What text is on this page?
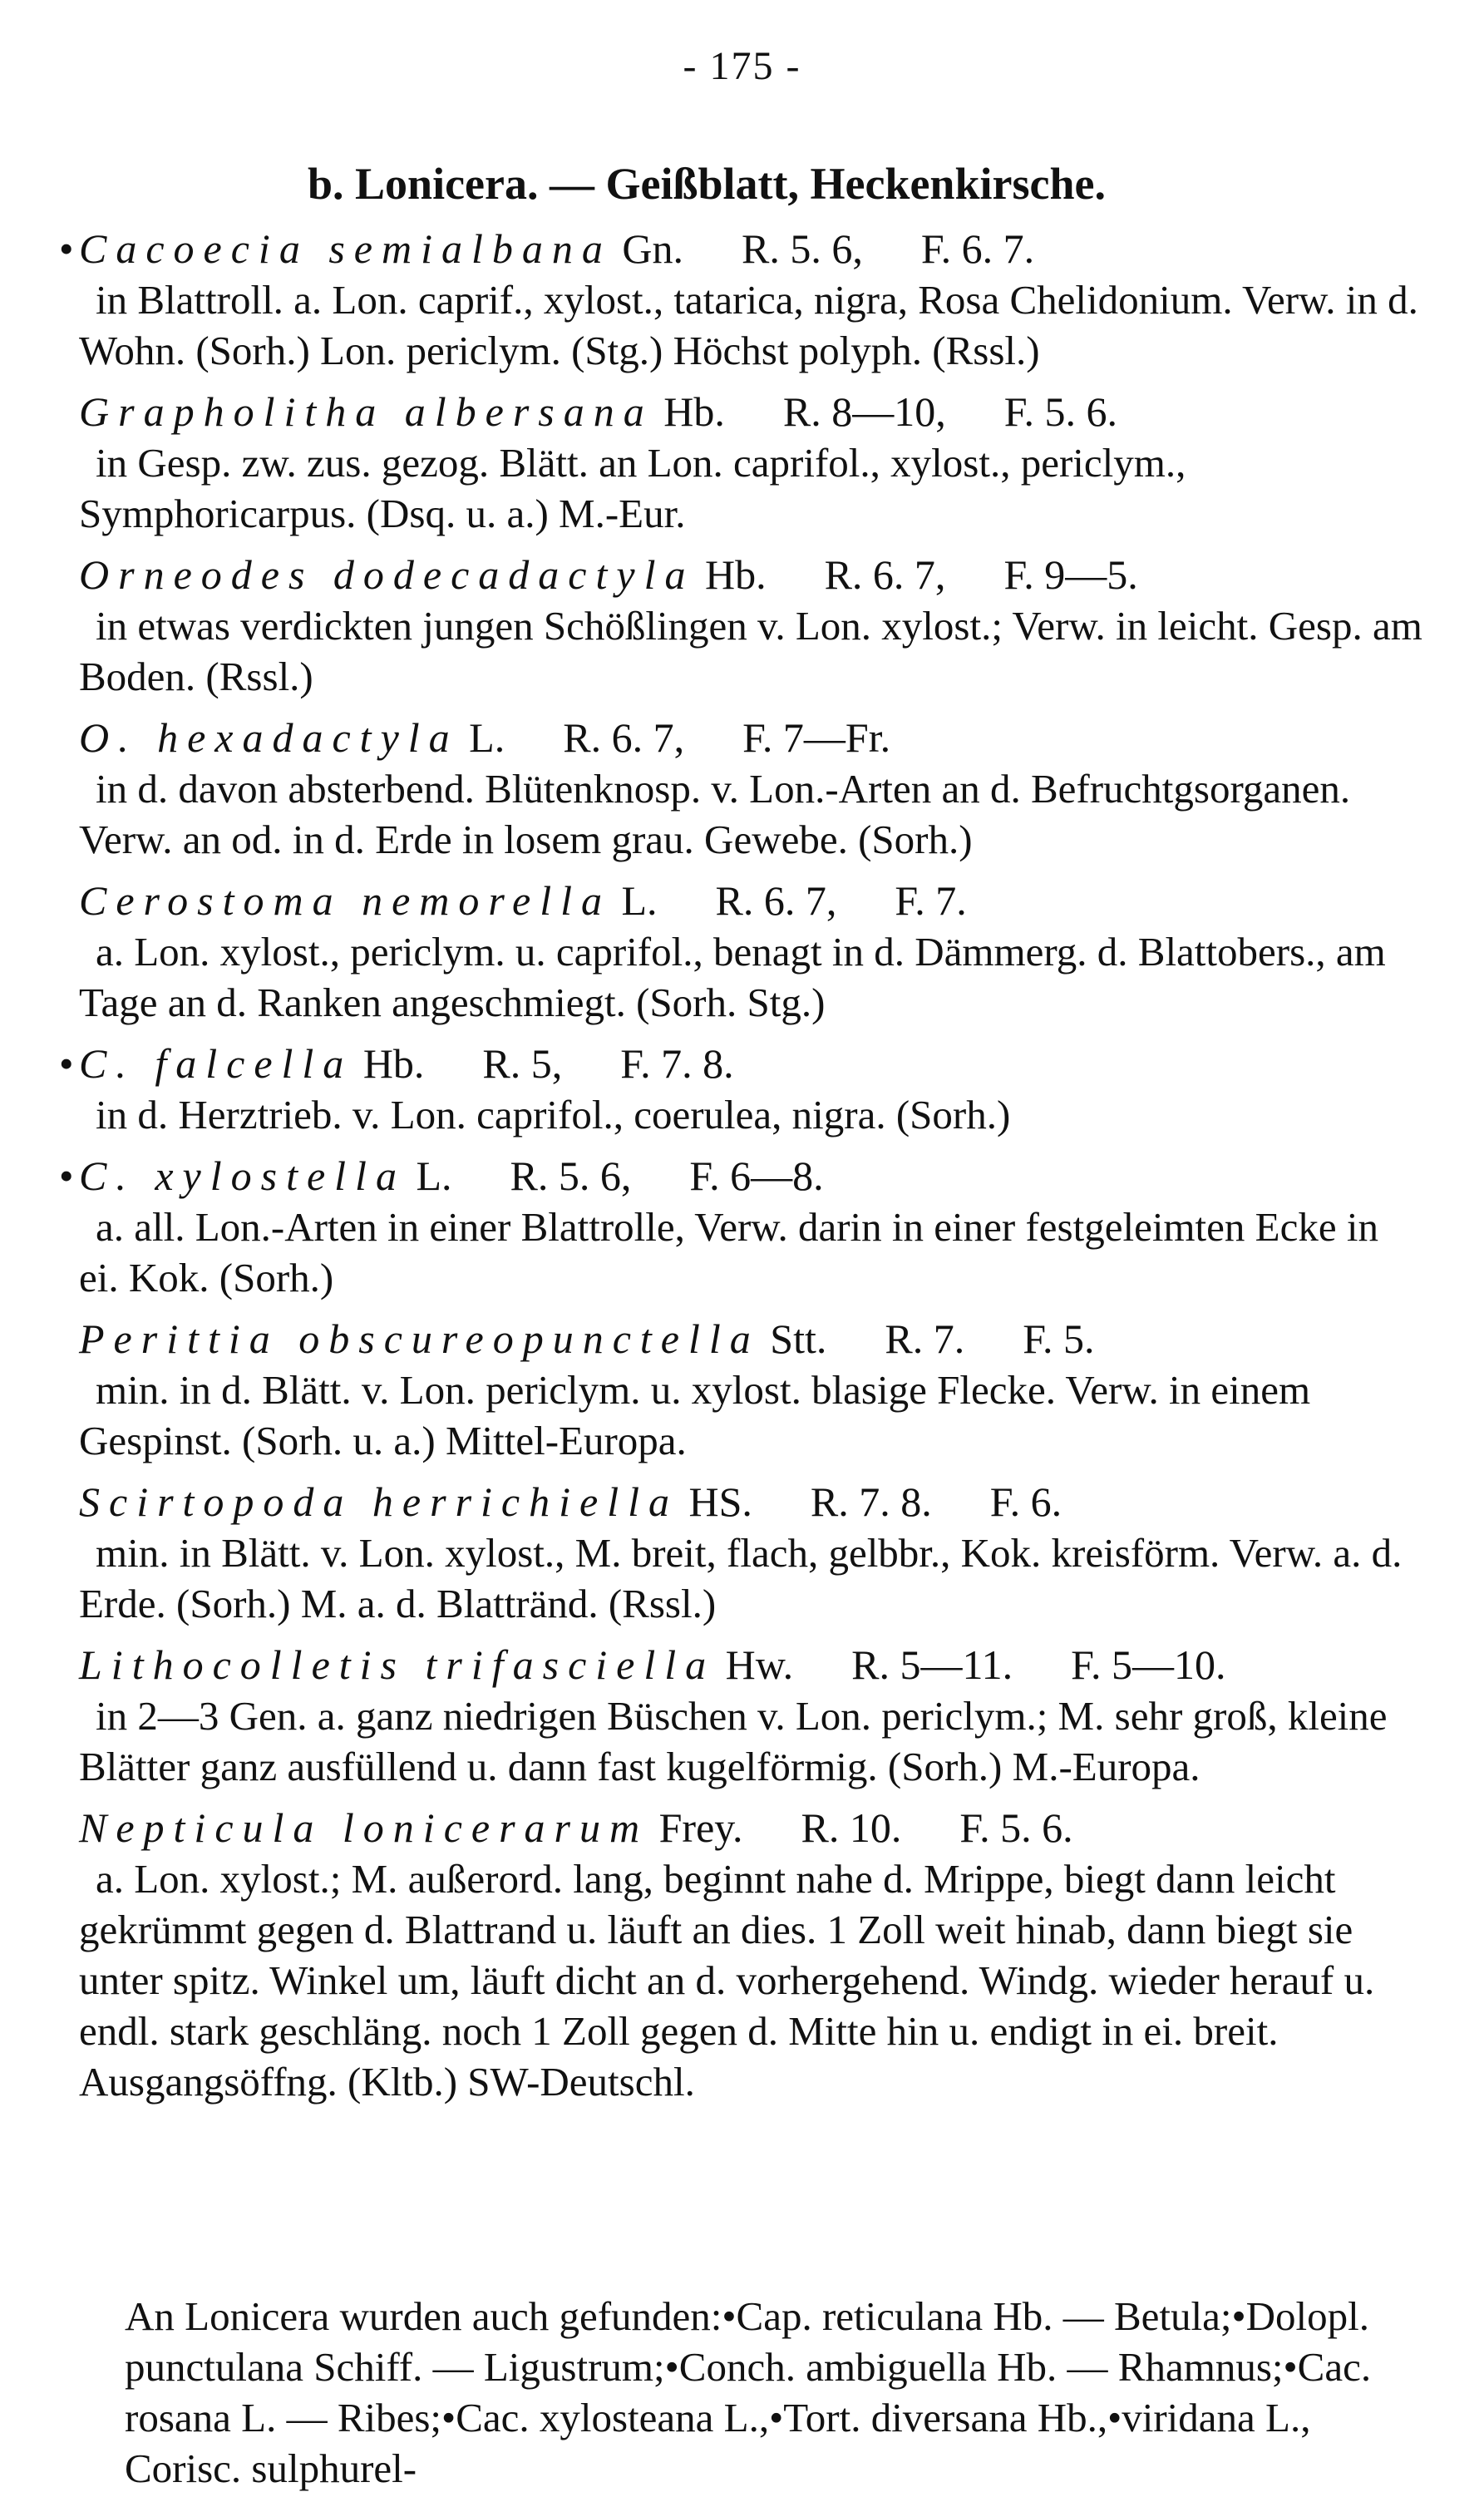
- 175 -
b. Lonicera. — Geißblatt, Heckenkirsche.
• Cacoecia semialbana Gn. R. 5. 6, F. 6. 7.
in Blattroll. a. Lon. caprif., xylost., tatarica, nigra, Rosa Chelidonium. Verw. in d. Wohn. (Sorh.) Lon. periclym. (Stg.) Höchst polyph. (Rssl.)
Grapholitha albersana Hb. R. 8—10, F. 5. 6.
in Gesp. zw. zus. gezog. Blätt. an Lon. caprifol., xylost., periclym., Symphoricarpus. (Dsq. u. a.) M.-Eur.
Orneodes dodecadactyla Hb. R. 6. 7, F. 9—5.
in etwas verdickten jungen Schößlingen v. Lon. xylost.; Verw. in leicht. Gesp. am Boden. (Rssl.)
O. hexadactyla L. R. 6. 7, F. 7—Fr.
in d. davon absterbend. Blütenknosp. v. Lon.-Arten an d. Befruchtgsorganen. Verw. an od. in d. Erde in losem grau. Gewebe. (Sorh.)
Cerostoma nemorella L. R. 6. 7, F. 7.
a. Lon. xylost., periclym. u. caprifol., benagt in d. Dämmerg. d. Blattobers., am Tage an d. Ranken angeschmiegt. (Sorh. Stg.)
• C. falcella Hb. R. 5, F. 7. 8.
in d. Herztrieb. v. Lon. caprifol., coerulea, nigra. (Sorh.)
• C. xylostella L. R. 5. 6, F. 6—8.
a. all. Lon.-Arten in einer Blattrolle, Verw. darin in einer festgeleimten Ecke in ei. Kok. (Sorh.)
Perittia obscureopunctella Stt. R. 7. F. 5.
min. in d. Blätt. v. Lon. periclym. u. xylost. blasige Flecke. Verw. in einem Gespinst. (Sorh. u. a.) Mittel-Europa.
Scirtopoda herrichiella HS. R. 7. 8. F. 6.
min. in Blätt. v. Lon. xylost., M. breit, flach, gelbbr., Kok. kreisförm. Verw. a. d. Erde. (Sorh.) M. a. d. Blattränd. (Rssl.)
Lithocolletis trifasciella Hw. R. 5—11. F. 5—10.
in 2—3 Gen. a. ganz niedrigen Büschen v. Lon. periclym.; M. sehr groß, kleine Blätter ganz ausfüllend u. dann fast kugelförmig. (Sorh.) M.-Europa.
Nepticula lonicerarum Frey. R. 10. F. 5. 6.
a. Lon. xylost.; M. außerord. lang, beginnt nahe d. Mrippe, biegt dann leicht gekrümmt gegen d. Blattrand u. läuft an dies. 1 Zoll weit hinab, dann biegt sie unter spitz. Winkel um, läuft dicht an d. vorhergehend. Windg. wieder herauf u. endl. stark geschläng. noch 1 Zoll gegen d. Mitte hin u. endigt in ei. breit. Ausgangsöffng. (Kltb.) SW-Deutschl.
An Lonicera wurden auch gefunden:•Cap. reticulana Hb. — Betula;•Dolopl. punctulana Schiff. — Ligustrum;•Conch. ambiguella Hb. — Rhamnus;•Cac. rosana L. — Ribes;•Cac. xylosteana L.,•Tort. diversana Hb.,•viridana L., Corisc. sulphurel-
